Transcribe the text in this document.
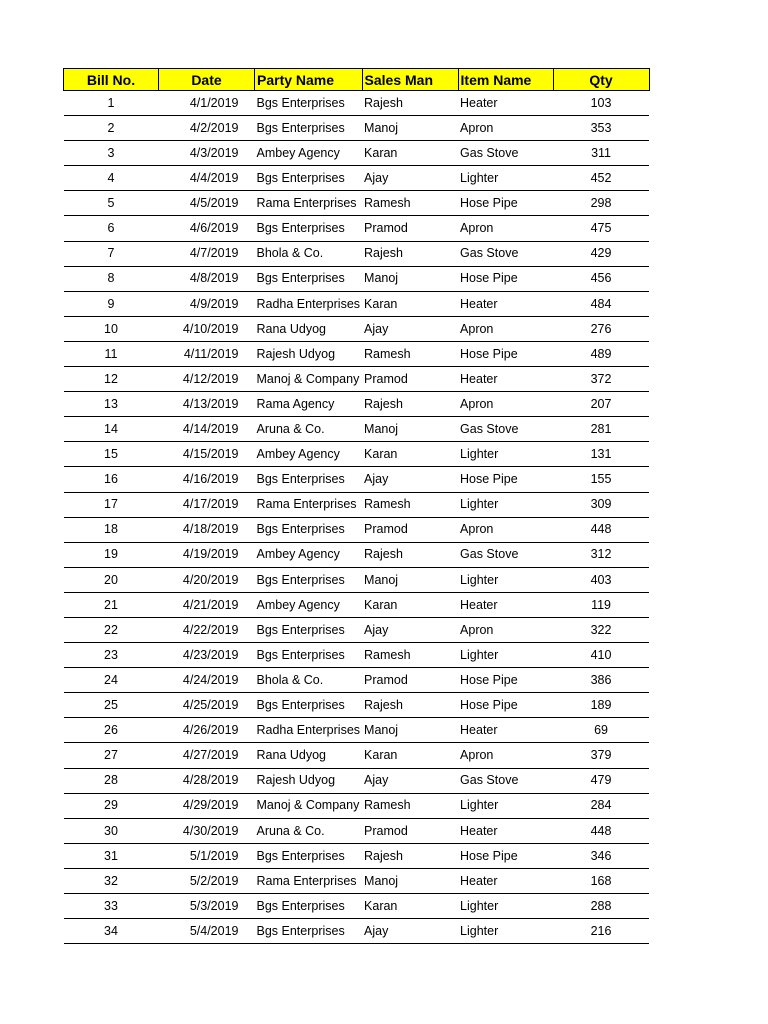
Bill No.	Date	Party Name	Sales Man	Item Name	Qty
1	4/1/2019	Bgs Enterprises	Rajesh	Heater	103
2	4/2/2019	Bgs Enterprises	Manoj	Apron	353
3	4/3/2019	Ambey Agency	Karan	Gas Stove	311
4	4/4/2019	Bgs Enterprises	Ajay	Lighter	452
5	4/5/2019	Rama Enterprises	Ramesh	Hose Pipe	298
6	4/6/2019	Bgs Enterprises	Pramod	Apron	475
7	4/7/2019	Bhola & Co.	Rajesh	Gas Stove	429
8	4/8/2019	Bgs Enterprises	Manoj	Hose Pipe	456
9	4/9/2019	Radha Enterprises	Karan	Heater	484
10	4/10/2019	Rana Udyog	Ajay	Apron	276
11	4/11/2019	Rajesh Udyog	Ramesh	Hose Pipe	489
12	4/12/2019	Manoj & Company	Pramod	Heater	372
13	4/13/2019	Rama Agency	Rajesh	Apron	207
14	4/14/2019	Aruna & Co.	Manoj	Gas Stove	281
15	4/15/2019	Ambey Agency	Karan	Lighter	131
16	4/16/2019	Bgs Enterprises	Ajay	Hose Pipe	155
17	4/17/2019	Rama Enterprises	Ramesh	Lighter	309
18	4/18/2019	Bgs Enterprises	Pramod	Apron	448
19	4/19/2019	Ambey Agency	Rajesh	Gas Stove	312
20	4/20/2019	Bgs Enterprises	Manoj	Lighter	403
21	4/21/2019	Ambey Agency	Karan	Heater	119
22	4/22/2019	Bgs Enterprises	Ajay	Apron	322
23	4/23/2019	Bgs Enterprises	Ramesh	Lighter	410
24	4/24/2019	Bhola & Co.	Pramod	Hose Pipe	386
25	4/25/2019	Bgs Enterprises	Rajesh	Hose Pipe	189
26	4/26/2019	Radha Enterprises	Manoj	Heater	69
27	4/27/2019	Rana Udyog	Karan	Apron	379
28	4/28/2019	Rajesh Udyog	Ajay	Gas Stove	479
29	4/29/2019	Manoj & Company	Ramesh	Lighter	284
30	4/30/2019	Aruna & Co.	Pramod	Heater	448
31	5/1/2019	Bgs Enterprises	Rajesh	Hose Pipe	346
32	5/2/2019	Rama Enterprises	Manoj	Heater	168
33	5/3/2019	Bgs Enterprises	Karan	Lighter	288
34	5/4/2019	Bgs Enterprises	Ajay	Lighter	216
